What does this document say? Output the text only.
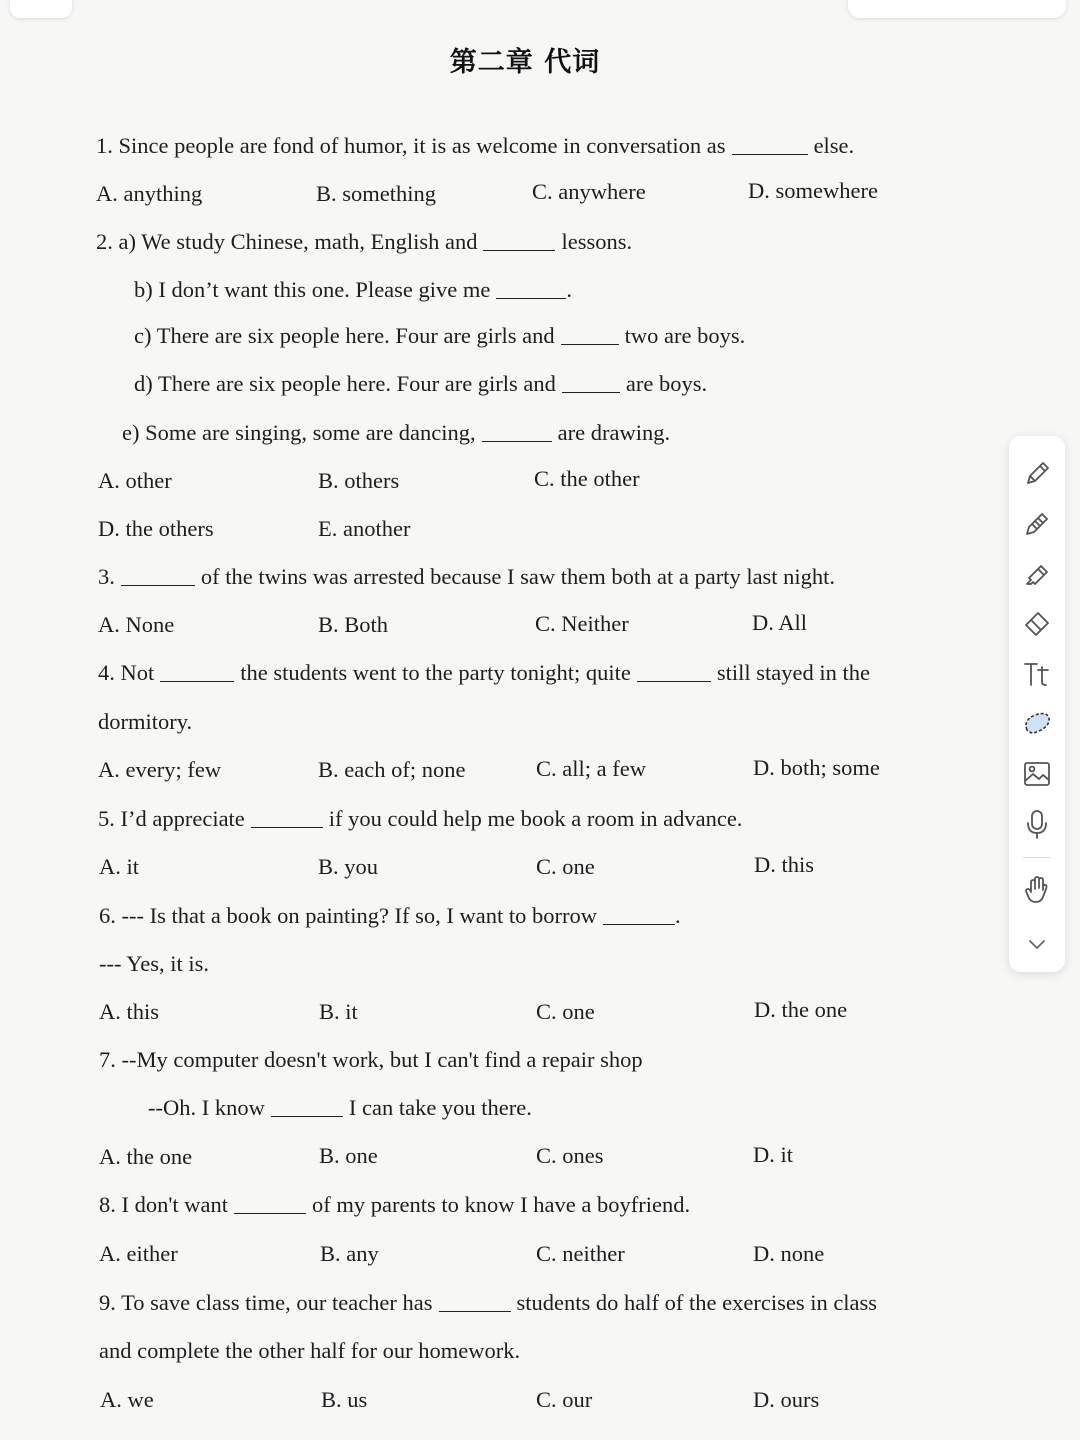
第二章 代词
1. Since people are fond of humor, it is as welcome in conversation as	else.
A. anything	B. something	C. anywhere	D. somewhere
2. a) We study Chinese, math, English and	lessons.
b) I don’t want this one. Please give me	.
c) There are six people here. Four are girls and	two are boys.
d) There are six people here. Four are girls and	are boys.
e) Some are singing, some are dancing,	are drawing.
A. other	B. others	C. the other
D. the others	E. another
3.	of the twins was arrested because I saw them both at a party last night.
A. None	B. Both	C. Neither	D. All
4. Not	the students went to the party tonight; quite	still stayed in the
dormitory.
A. every; few	B. each of; none	C. all; a few	D. both; some
5. I’d appreciate	if you could help me book a room in advance.
A. it	B. you	C. one	D. this
6. --- Is that a book on painting? If so, I want to borrow	.
--- Yes, it is.
A. this	B. it	C. one	D. the one
7. --My computer doesn't work, but I can't find a repair shop
--Oh. I know	I can take you there.
A. the one	B. one	C. ones	D. it
8. I don't want	of my parents to know I have a boyfriend.
A. either	B. any	C. neither	D. none
9. To save class time, our teacher has	students do half of the exercises in class
and complete the other half for our homework.
A. we	B. us	C. our	D. ours
